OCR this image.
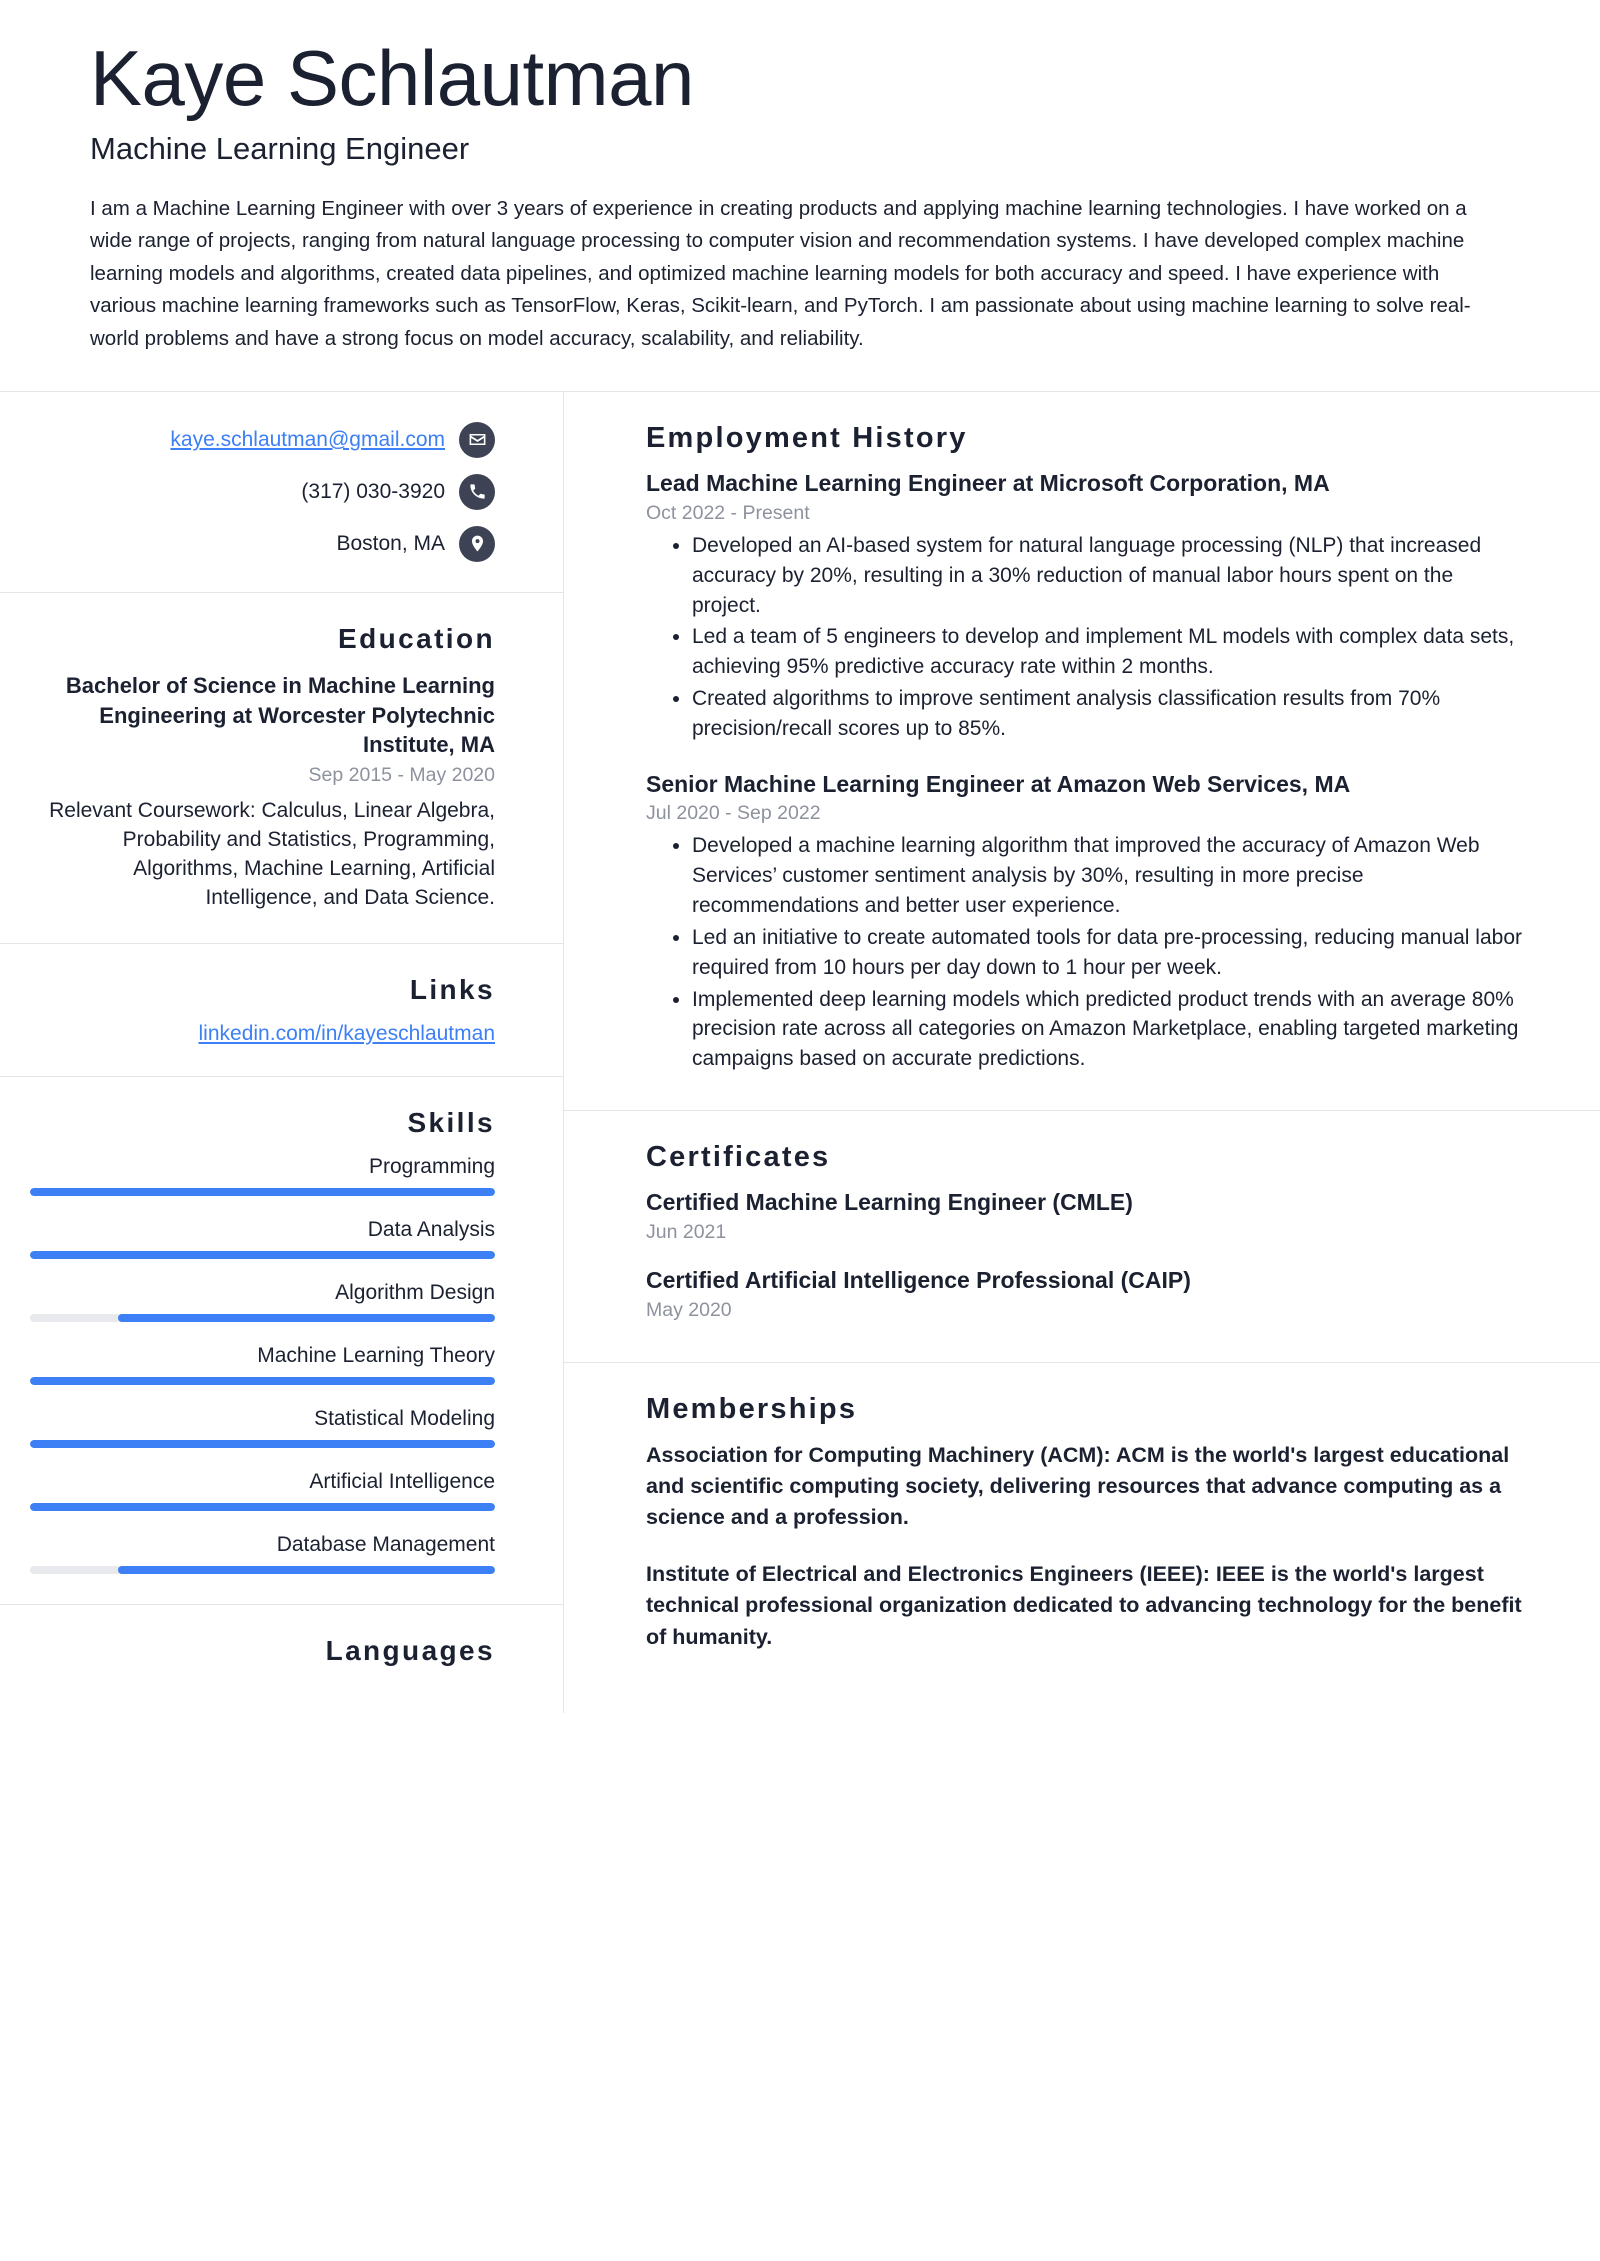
Kaye Schlautman
Machine Learning Engineer

I am a Machine Learning Engineer with over 3 years of experience in creating products and applying machine learning technologies. I have worked on a wide range of projects, ranging from natural language processing to computer vision and recommendation systems. I have developed complex machine learning models and algorithms, created data pipelines, and optimized machine learning models for both accuracy and speed. I have experience with various machine learning frameworks such as TensorFlow, Keras, Scikit-learn, and PyTorch. I am passionate about using machine learning to solve real-world problems and have a strong focus on model accuracy, scalability, and reliability.

kaye.schlautman@gmail.com
(317) 030-3920
Boston, MA
Education
Bachelor of Science in Machine Learning Engineering at Worcester Polytechnic Institute, MA
Sep 2015 - May 2020
Relevant Coursework: Calculus, Linear Algebra, Probability and Statistics, Programming, Algorithms, Machine Learning, Artificial Intelligence, and Data Science.
Links
linkedin.com/in/kayeschlautman
Skills
Programming
Data Analysis
Algorithm Design
Machine Learning Theory
Statistical Modeling
Artificial Intelligence
Database Management
Languages
Employment History
Lead Machine Learning Engineer at Microsoft Corporation, MA
Oct 2022 - Present
• Developed an AI-based system for natural language processing (NLP) that increased accuracy by 20%, resulting in a 30% reduction of manual labor hours spent on the project.
• Led a team of 5 engineers to develop and implement ML models with complex data sets, achieving 95% predictive accuracy rate within 2 months.
• Created algorithms to improve sentiment analysis classification results from 70% precision/recall scores up to 85%.
Senior Machine Learning Engineer at Amazon Web Services, MA
Jul 2020 - Sep 2022
• Developed a machine learning algorithm that improved the accuracy of Amazon Web Services’ customer sentiment analysis by 30%, resulting in more precise recommendations and better user experience.
• Led an initiative to create automated tools for data pre-processing, reducing manual labor required from 10 hours per day down to 1 hour per week.
• Implemented deep learning models which predicted product trends with an average 80% precision rate across all categories on Amazon Marketplace, enabling targeted marketing campaigns based on accurate predictions.
Certificates
Certified Machine Learning Engineer (CMLE)
Jun 2021
Certified Artificial Intelligence Professional (CAIP)
May 2020
Memberships

Association for Computing Machinery (ACM): ACM is the world's largest educational and scientific computing society, delivering resources that advance computing as a science and a profession.

Institute of Electrical and Electronics Engineers (IEEE): IEEE is the world's largest technical professional organization dedicated to advancing technology for the benefit of humanity.
